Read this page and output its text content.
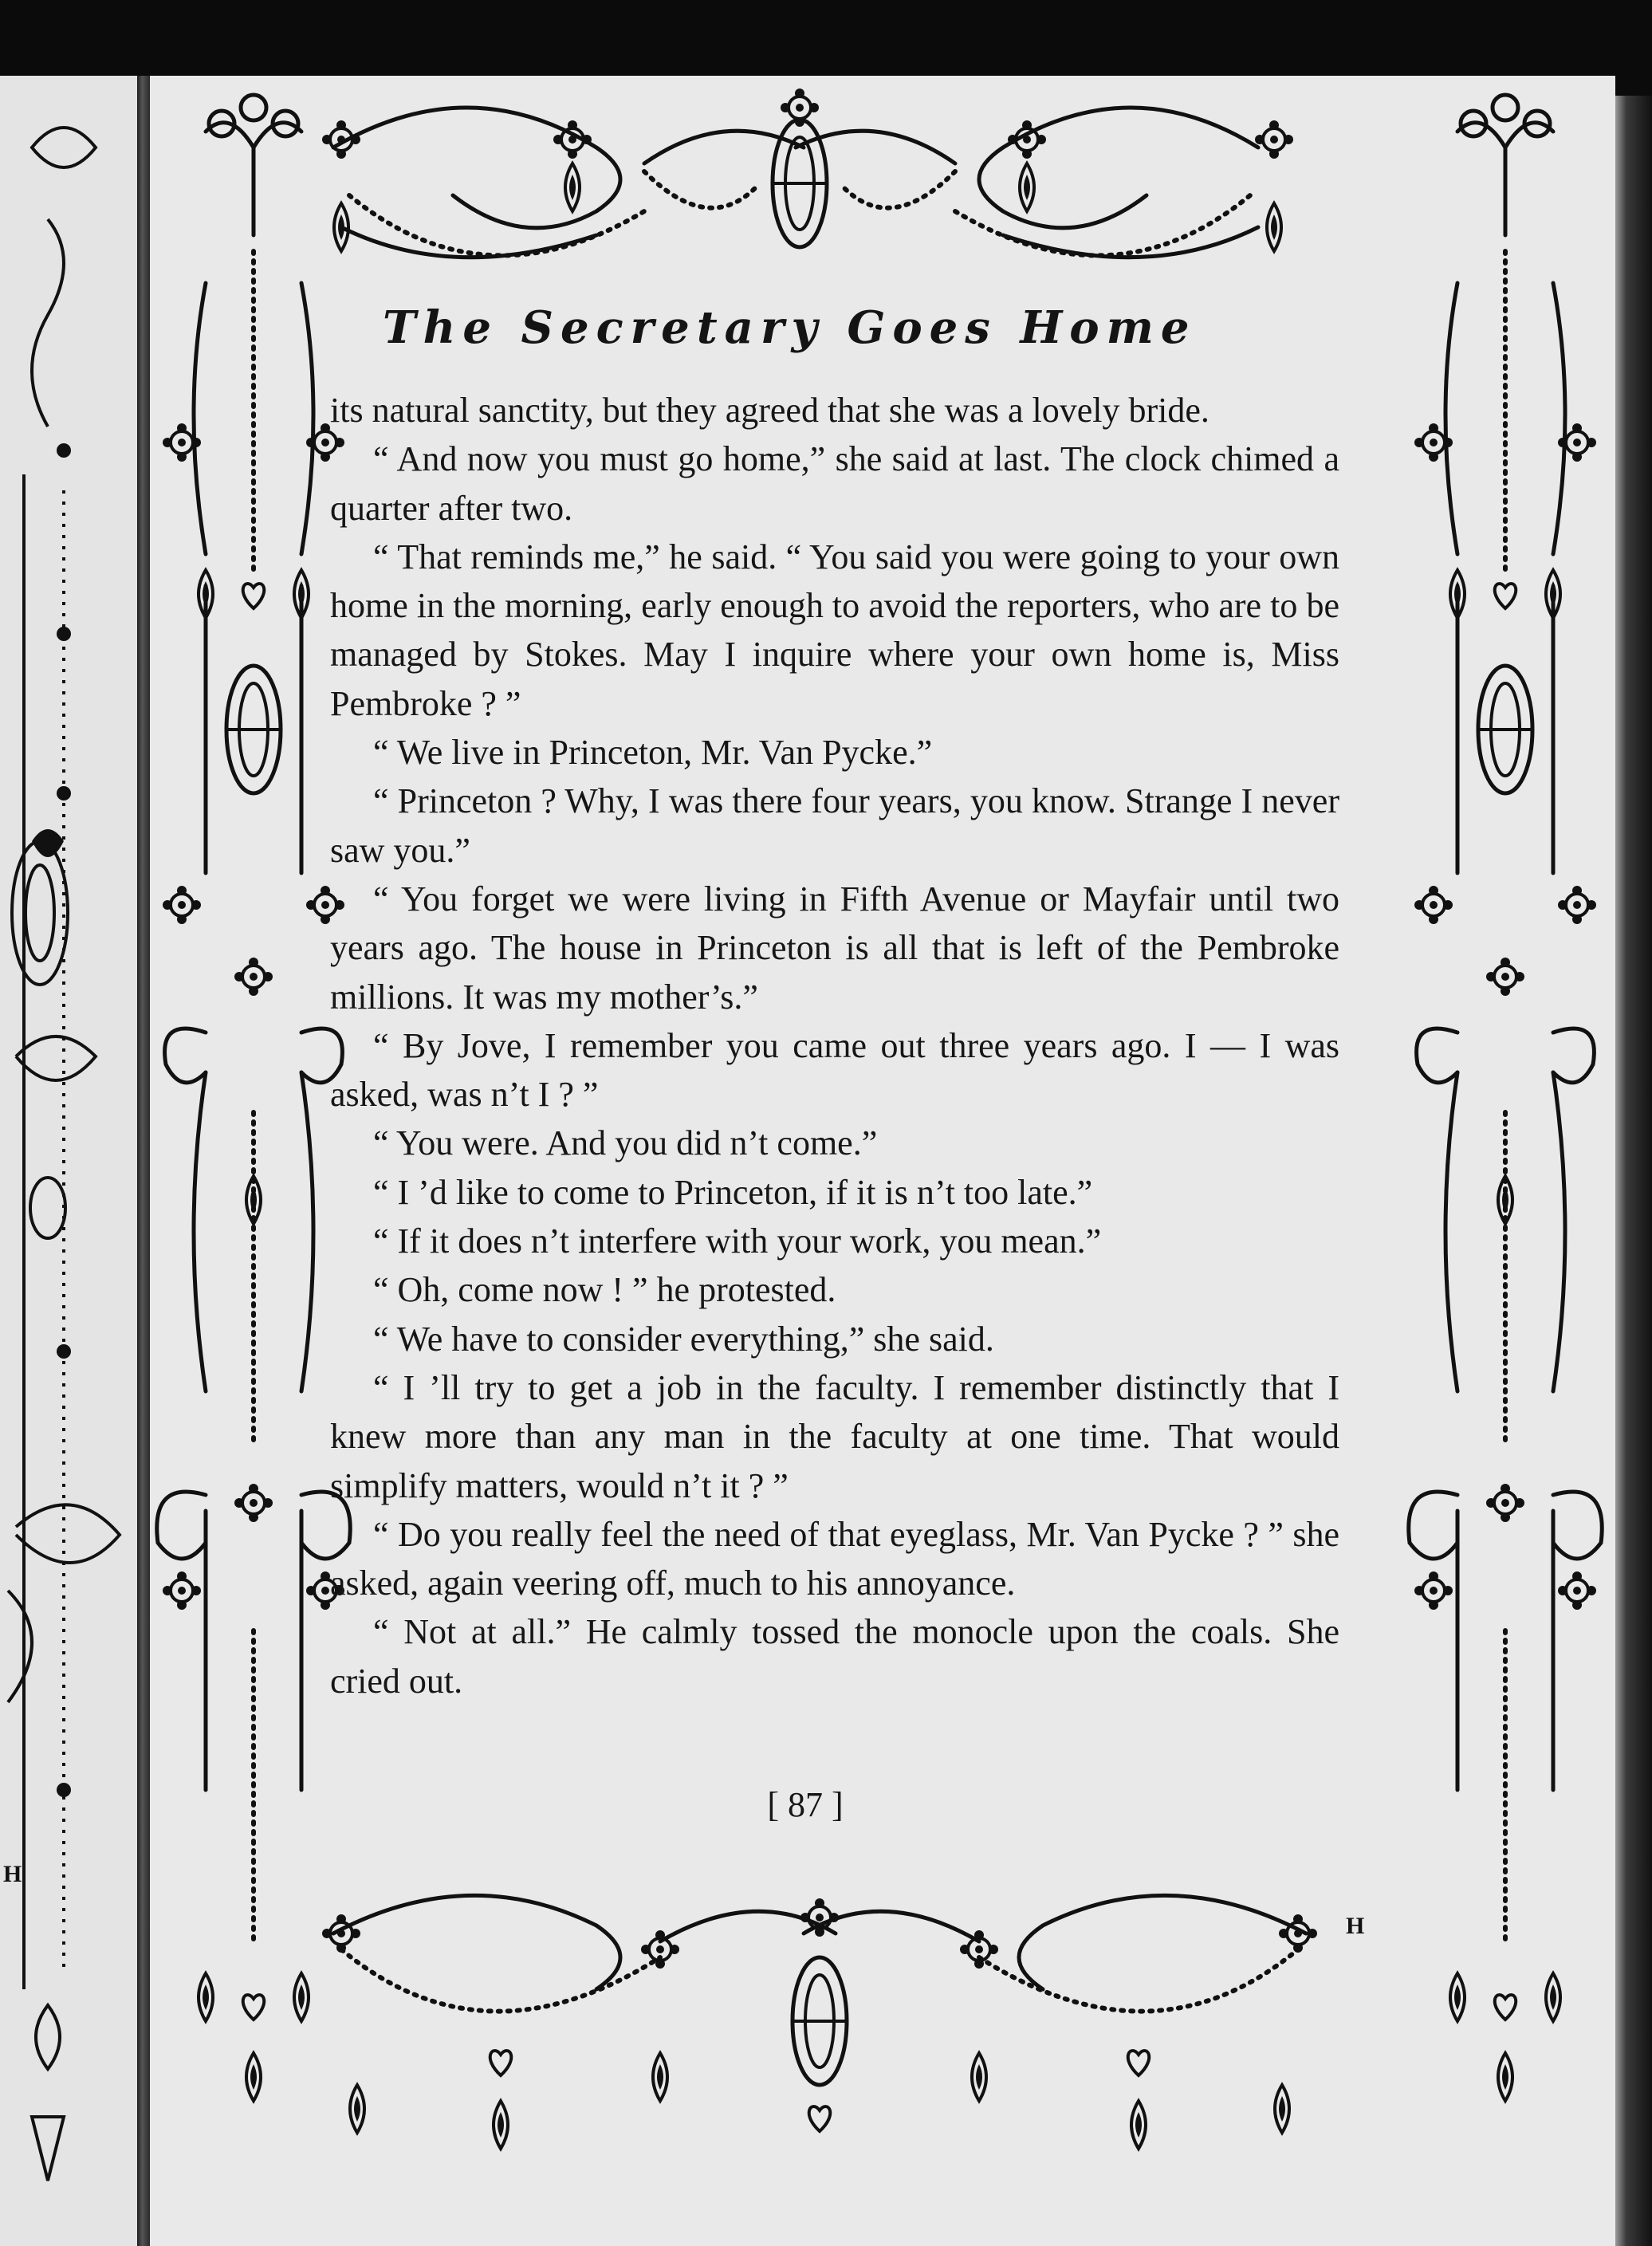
H
H
The Secretary Goes Home

its natural sanctity, but they agreed that she was a lovely bride.

“ And now you must go home,” she said at last. The clock chimed a quarter after two.

“ That reminds me,” he said. “ You said you were going to your own home in the morning, early enough to avoid the reporters, who are to be managed by Stokes. May I inquire where your own home is, Miss Pembroke ? ”

“ We live in Princeton, Mr. Van Pycke.”

“ Princeton ? Why, I was there four years, you know. Strange I never saw you.”

“ You forget we were living in Fifth Avenue or Mayfair until two years ago. The house in Princeton is all that is left of the Pembroke millions. It was my mother’s.”

“ By Jove, I remember you came out three years ago. I — I was asked, was n’t I ? ”

“ You were. And you did n’t come.”

“ I ’d like to come to Princeton, if it is n’t too late.”

“ If it does n’t interfere with your work, you mean.”

“ Oh, come now ! ” he protested.

“ We have to consider everything,” she said.

“ I ’ll try to get a job in the faculty. I remember distinctly that I knew more than any man in the faculty at one time. That would simplify matters, would n’t it ? ”

“ Do you really feel the need of that eyeglass, Mr. Van Pycke ? ” she asked, again veering off, much to his annoyance.

“ Not at all.” He calmly tossed the monocle upon the coals. She cried out.

[ 87 ]
